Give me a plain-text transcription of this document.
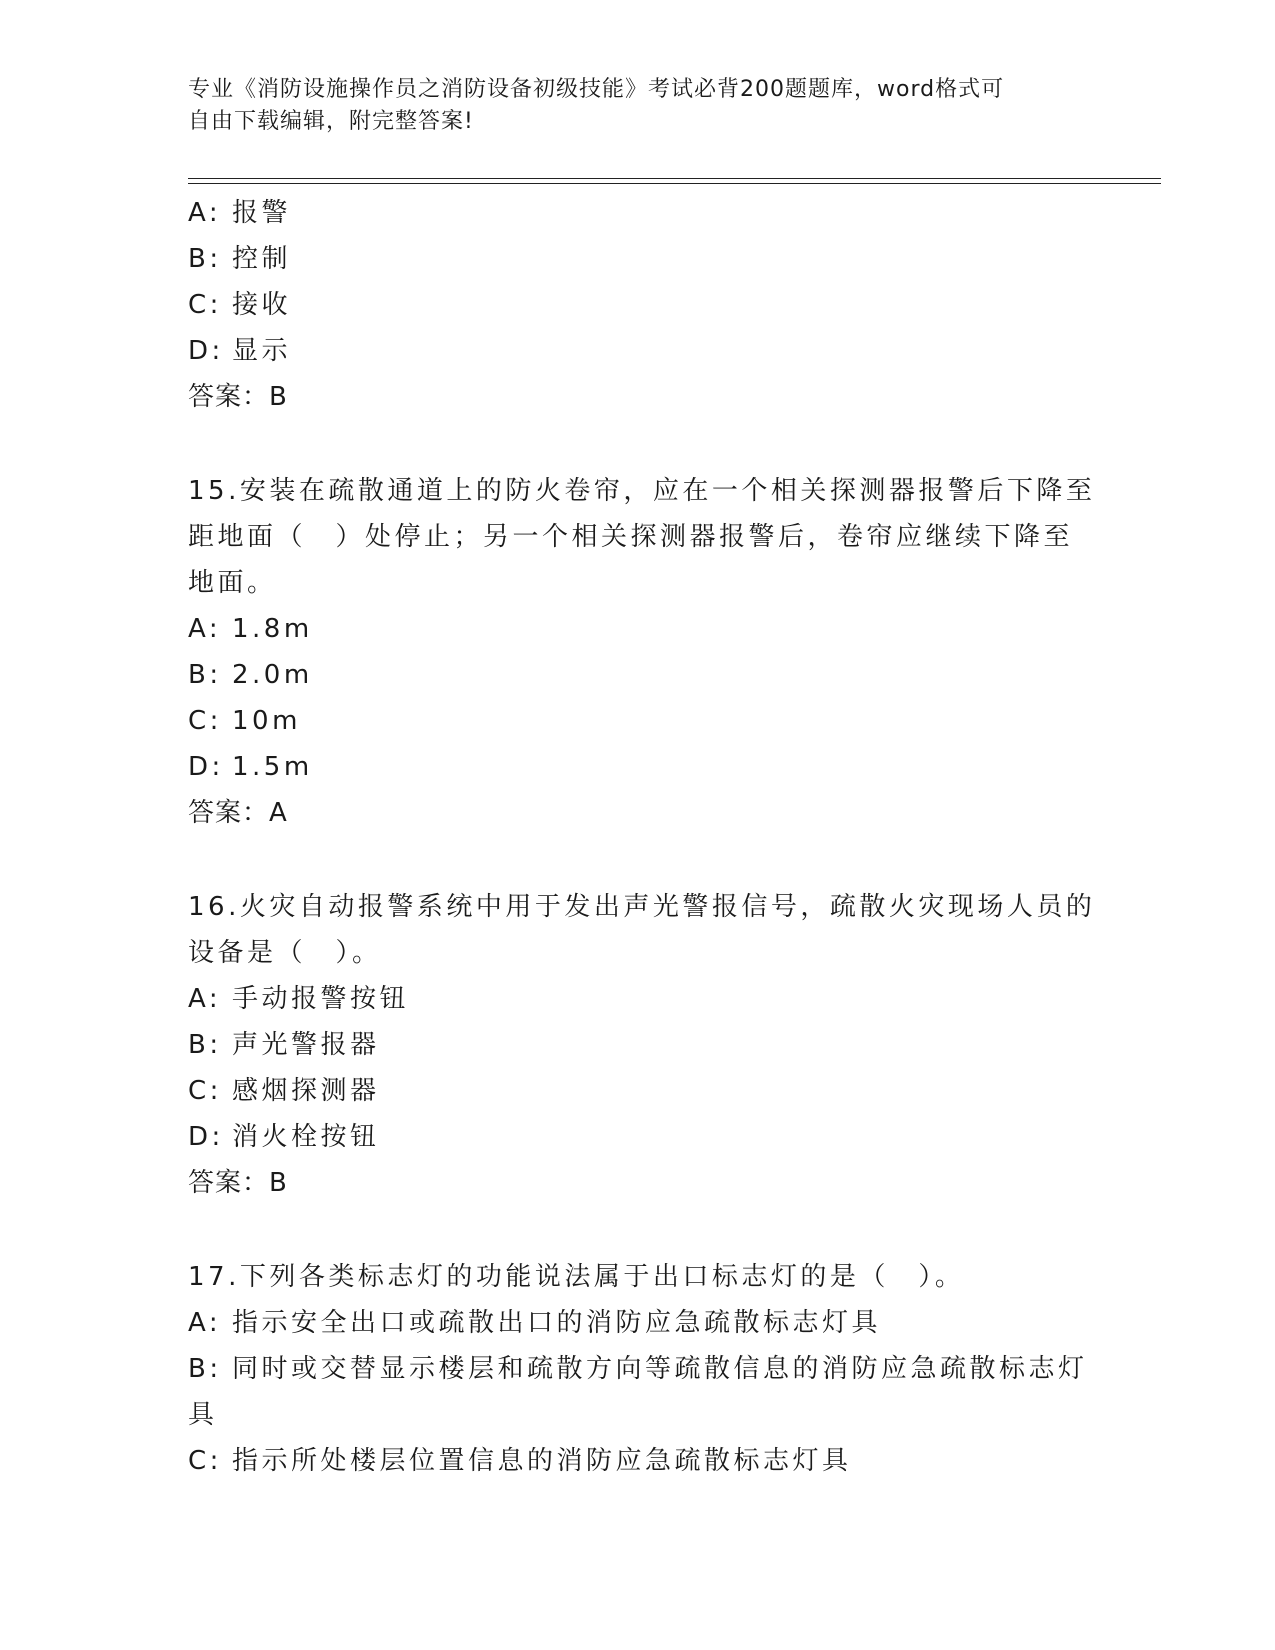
专业《消防设施操作员之消防设备初级技能》考试必背200题题库，word格式可
自由下载编辑，附完整答案!
A: 报警
B: 控制
C: 接收
D: 显示
答案：B
15.安装在疏散通道上的防火卷帘，应在一个相关探测器报警后下降至
距地面（　）处停止；另一个相关探测器报警后，卷帘应继续下降至
地面。
A: 1.8m
B: 2.0m
C: 10m
D: 1.5m
答案：A
16.火灾自动报警系统中用于发出声光警报信号，疏散火灾现场人员的
设备是（　）。
A: 手动报警按钮
B: 声光警报器
C: 感烟探测器
D: 消火栓按钮
答案：B
17.下列各类标志灯的功能说法属于出口标志灯的是（　）。
A: 指示安全出口或疏散出口的消防应急疏散标志灯具
B: 同时或交替显示楼层和疏散方向等疏散信息的消防应急疏散标志灯
具
C: 指示所处楼层位置信息的消防应急疏散标志灯具
